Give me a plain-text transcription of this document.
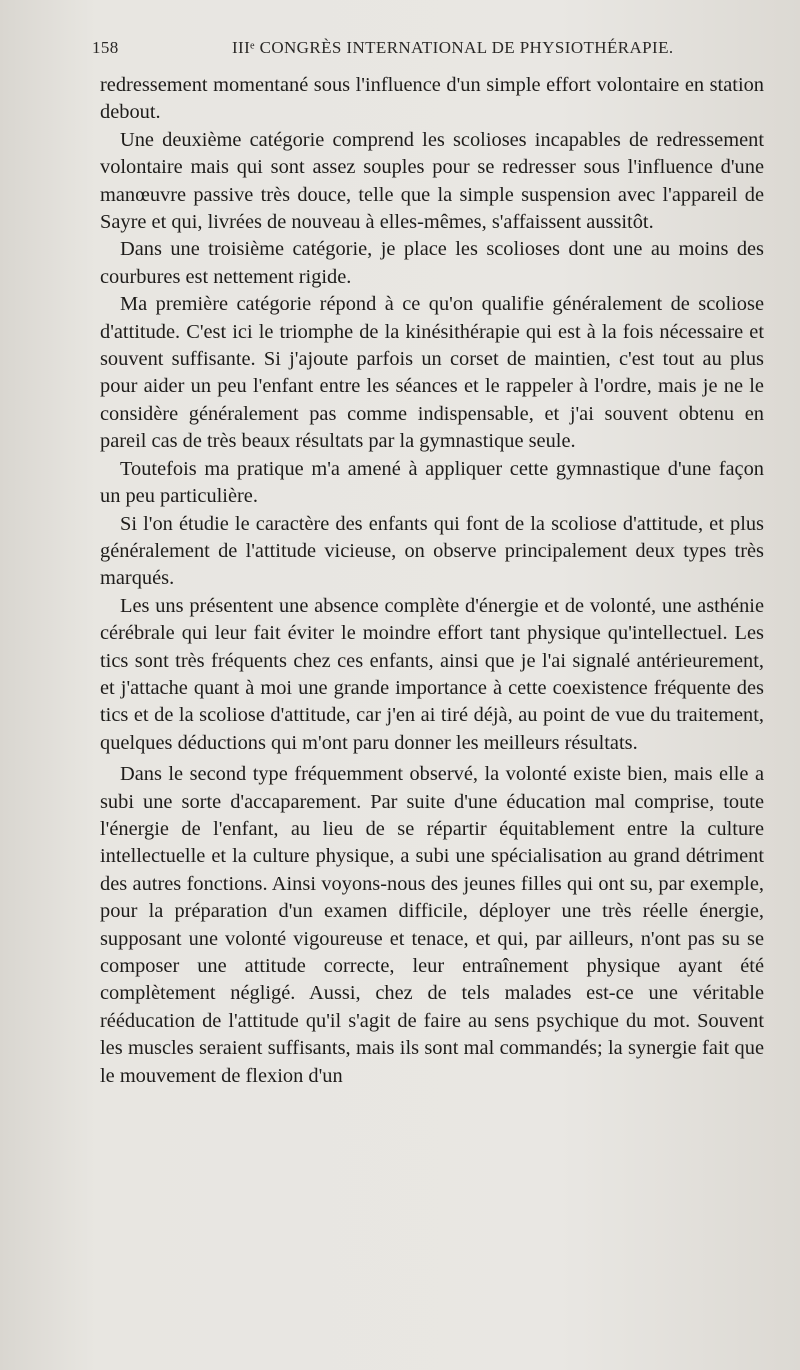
158	IIIᵉ CONGRÈS INTERNATIONAL DE PHYSIOTHÉRAPIE.

redressement momentané sous l'influence d'un simple effort volontaire en station debout.

Une deuxième catégorie comprend les scolioses incapables de redressement volontaire mais qui sont assez souples pour se redresser sous l'influence d'une manœuvre passive très douce, telle que la simple suspension avec l'appareil de Sayre et qui, livrées de nouveau à elles-mêmes, s'affaissent aussitôt.

Dans une troisième catégorie, je place les scolioses dont une au moins des courbures est nettement rigide.

Ma première catégorie répond à ce qu'on qualifie généralement de scoliose d'attitude. C'est ici le triomphe de la kinésithérapie qui est à la fois nécessaire et souvent suffisante. Si j'ajoute parfois un corset de maintien, c'est tout au plus pour aider un peu l'enfant entre les séances et le rappeler à l'ordre, mais je ne le considère généralement pas comme indispensable, et j'ai souvent obtenu en pareil cas de très beaux résultats par la gymnastique seule.

Toutefois ma pratique m'a amené à appliquer cette gymnastique d'une façon un peu particulière.

Si l'on étudie le caractère des enfants qui font de la scoliose d'attitude, et plus généralement de l'attitude vicieuse, on observe principalement deux types très marqués.

Les uns présentent une absence complète d'énergie et de volonté, une asthénie cérébrale qui leur fait éviter le moindre effort tant physique qu'intellectuel. Les tics sont très fréquents chez ces enfants, ainsi que je l'ai signalé antérieurement, et j'attache quant à moi une grande importance à cette coexistence fréquente des tics et de la scoliose d'attitude, car j'en ai tiré déjà, au point de vue du traitement, quelques déductions qui m'ont paru donner les meilleurs résultats.

Dans le second type fréquemment observé, la volonté existe bien, mais elle a subi une sorte d'accaparement. Par suite d'une éducation mal comprise, toute l'énergie de l'enfant, au lieu de se répartir équitablement entre la culture intellectuelle et la culture physique, a subi une spécialisation au grand détriment des autres fonctions. Ainsi voyons-nous des jeunes filles qui ont su, par exemple, pour la préparation d'un examen difficile, déployer une très réelle énergie, supposant une volonté vigoureuse et tenace, et qui, par ailleurs, n'ont pas su se composer une attitude correcte, leur entraînement physique ayant été complètement négligé. Aussi, chez de tels malades est-ce une véritable rééducation de l'attitude qu'il s'agit de faire au sens psychique du mot. Souvent les muscles seraient suffisants, mais ils sont mal commandés; la synergie fait que le mouvement de flexion d'un
